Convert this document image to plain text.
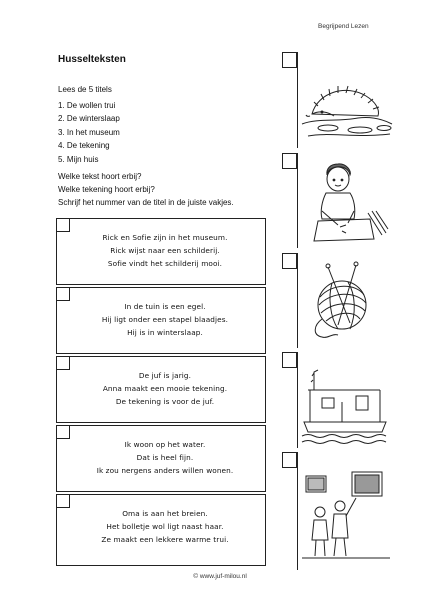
Begrijpend Lezen
Husselteksten
Lees de 5 titels
1. De wollen trui
2. De winterslaap
3. In het museum
4. De tekening
5. Mijn huis
Welke tekst hoort erbij?
Welke tekening hoort erbij?
Schrijf het nummer van de titel in de juiste vakjes.
Rick en Sofie zijn in het museum.
Rick wijst naar een schilderij.
Sofie vindt het schilderij mooi.
In de tuin is een egel.
Hij ligt onder een stapel blaadjes.
Hij is in winterslaap.
De juf is jarig.
Anna maakt een mooie tekening.
De tekening is voor de juf.
Ik woon op het water.
Dat is heel fijn.
Ik zou nergens anders willen wonen.
Oma is aan het breien.
Het bolletje wol ligt naast haar.
Ze maakt een lekkere warme trui.
© www.juf-milou.nl
